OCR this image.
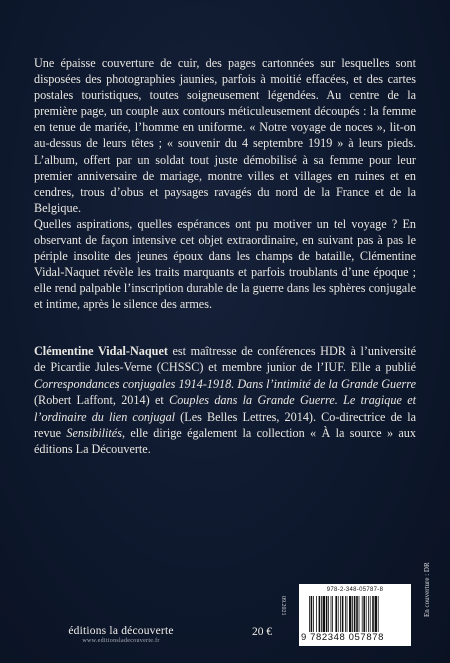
Une épaisse couverture de cuir, des pages cartonnées sur lesquelles sont disposées des photographies jaunies, parfois à moitié effacées, et des cartes postales touristiques, toutes soigneusement légendées. Au centre de la première page, un couple aux contours méticuleusement découpés : la femme en tenue de mariée, l’homme en uniforme. « Notre voyage de noces », lit-on au-dessus de leurs têtes ; « souvenir du 4 septembre 1919 » à leurs pieds. L’album, offert par un soldat tout juste démobilisé à sa femme pour leur premier anniversaire de mariage, montre villes et villages en ruines et en cendres, trous d’obus et paysages ravagés du nord de la France et de la Belgique.

Quelles aspirations, quelles espérances ont pu motiver un tel voyage ? En observant de façon intensive cet objet extraordinaire, en suivant pas à pas le périple insolite des jeunes époux dans les champs de bataille, Clémentine Vidal-Naquet révèle les traits marquants et parfois troublants d’une époque ; elle rend palpable l’inscription durable de la guerre dans les sphères conjugale et intime, après le silence des armes.

Clémentine Vidal-Naquet est maîtresse de conférences HDR à l’université de Picardie Jules-Verne (CHSSC) et membre junior de l’IUF. Elle a publié Correspondances conjugales 1914-1918. Dans l’intimité de la Grande Guerre (Robert Laffont, 2014) et Couples dans la Grande Guerre. Le tragique et l’ordinaire du lien conjugal (Les Belles Lettres, 2014). Co-directrice de la revue Sensibilités, elle dirige également la collection « À la source » aux éditions La Découverte.

éditions la découverte
www.editionsladecouverte.fr
20 €
09.2021
978-2-348-05787-8
9 782348 057878
En couverture : DR
